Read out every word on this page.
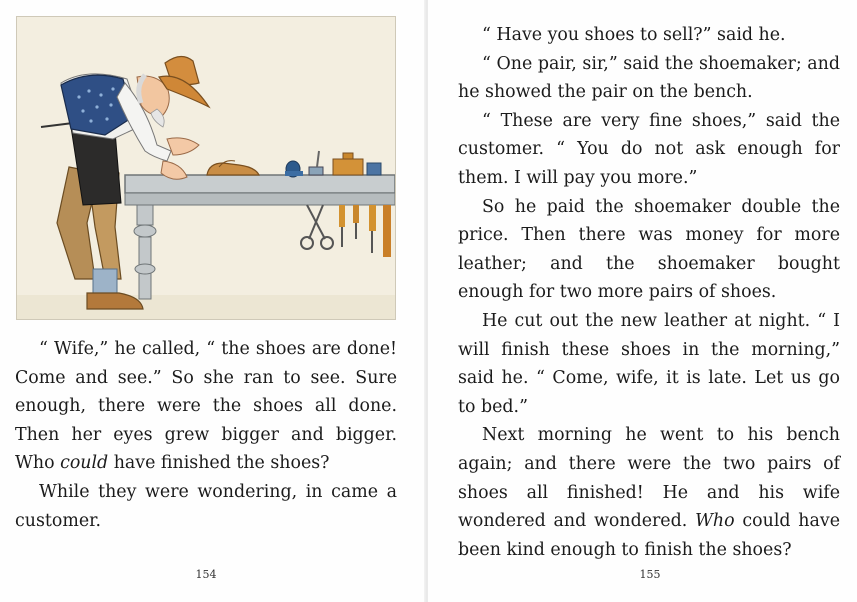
“ Wife,” he called, “ the shoes are done! Come and see.” So she ran to see. Sure enough, there were the shoes all done. Then her eyes grew bigger and bigger. Who could have finished the shoes?

While they were wondering, in came a customer.

154

“ Have you shoes to sell?” said he.

“ One pair, sir,” said the shoemaker; and he showed the pair on the bench.

“ These are very fine shoes,” said the customer. “ You do not ask enough for them. I will pay you more.”

So he paid the shoemaker double the price. Then there was money for more leather; and the shoemaker bought enough for two more pairs of shoes.

He cut out the new leather at night. “ I will finish these shoes in the morning,” said he. “ Come, wife, it is late. Let us go to bed.”

Next morning he went to his bench again; and there were the two pairs of shoes all finished! He and his wife wondered and wondered. Who could have been kind enough to finish the shoes?

155
